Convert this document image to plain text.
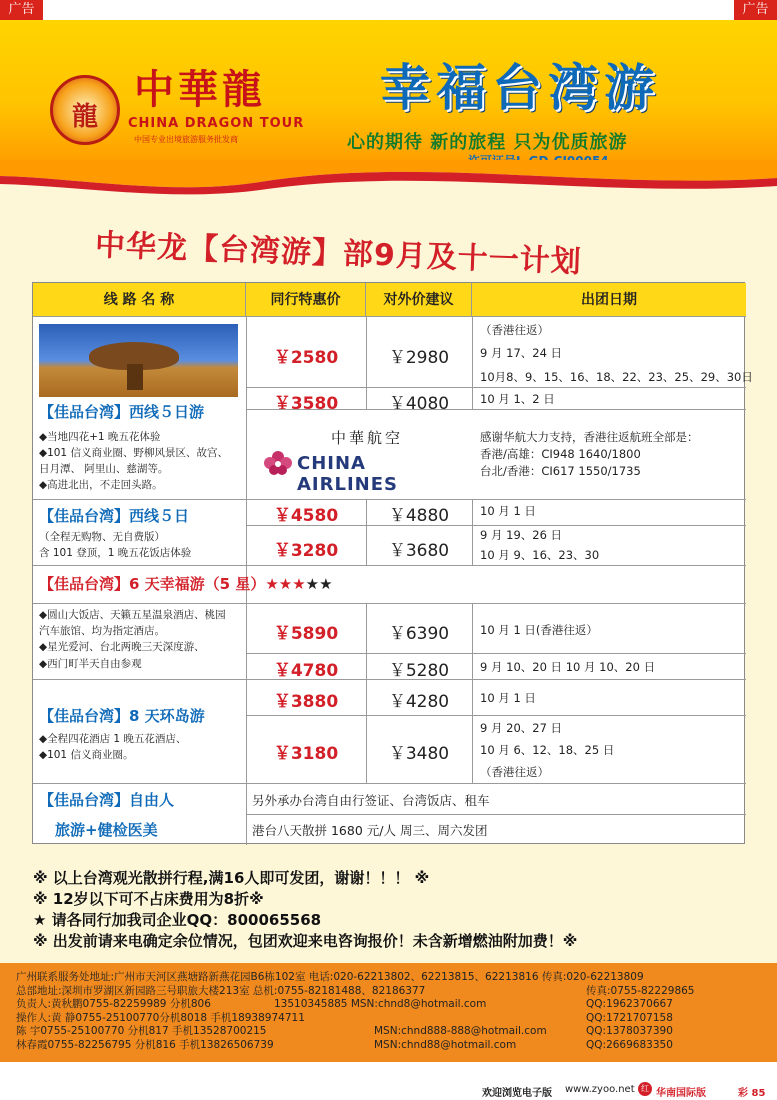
广告	广告
龍
中華龍
CHINA DRAGON TOUR
中国专业出境旅游服务批发商
幸福台湾游
心的期待 新的旅程 只为优质旅游
中华龙【台湾游】部9月及十一计划
线 路 名 称	同行特惠价	对外价建议	出团日期
【佳品台湾】西线５日游
◆当地四花+1 晚五花体验
◆101 信义商业圈、野柳风景区、故宫、
日月潭、 阿里山、慈湖等。
◆高进北出，不走回头路。
￥2580	￥2980
（香港往返）
9 月 17、24 日
10月8、9、15、16、18、22、23、25、29、30日
￥3580	￥4080	10 月 1、2 日
中華航空
CHINA AIRLINES
感谢华航大力支持，香港往返航班全部是：
香港/高雄：CI948 1640/1800
台北/香港：CI617 1550/1735
【佳品台湾】西线５日
（全程无购物、无自费版）
含 101 登顶，1 晚五花饭店体验
￥4580	￥4880	10 月 1 日
￥3280	￥3680
9 月 19、26 日
10 月 9、16、23、30
【佳品台湾】6 天幸福游（5 星）★★★★★
◆圆山大饭店、天籁五星温泉酒店、桃园
汽车旅馆、均为指定酒店。
◆星光爱河、台北两晚三天深度游、
◆西门町半天自由参观
￥5890	￥6390	10 月 1 日(香港往返）
￥4780	￥5280	9 月 10、20 日 10 月 10、20 日
【佳品台湾】8 天环岛游
◆全程四花酒店 1 晚五花酒店、
◆101 信义商业圈。
￥3880	￥4280	10 月 1 日
￥3180	￥3480
9 月 20、27 日
10 月 6、12、18、25 日
（香港往返）
【佳品台湾】自由人
旅游+健检医美
另外承办台湾自由行签证、台湾饭店、租车
港台八天散拼 1680 元/人 周三、周六发团
※ 以上台湾观光散拼行程,满16人即可发团，谢谢！！！ ※
※ 12岁以下可不占床费用为8折※
★ 请各同行加我司企业QQ：800065568
※ 出发前请来电确定余位情况，包团欢迎来电咨询报价！未含新增燃油附加费！※
广州联系服务处地址:广州市天河区燕塘路新燕花园B6栋102室 电话:020-62213802、62213815、62213816 传真:020-62213809
总部地址:深圳市罗湖区新园路三号职旅大楼213室 总机:0755-82181488、82186377	传真:0755-82229865
负责人:黄秋鹏0755-82259989 分机806	13510345885 MSN:chnd8@hotmail.com	QQ:1962370667
操作人:黄 静0755-25100770分机8018 手机18938974711	QQ:1721707158
陈 宇0755-25100770 分机817 手机13528700215	MSN:chnd888-888@hotmail.com	QQ:1378037390
林春霞0755-82256795 分机816 手机13826506739	MSN:chnd88@hotmail.com	QQ:2669683350
欢迎浏览电子版 www.zyoo.net 红 华南国际版	彩 85
